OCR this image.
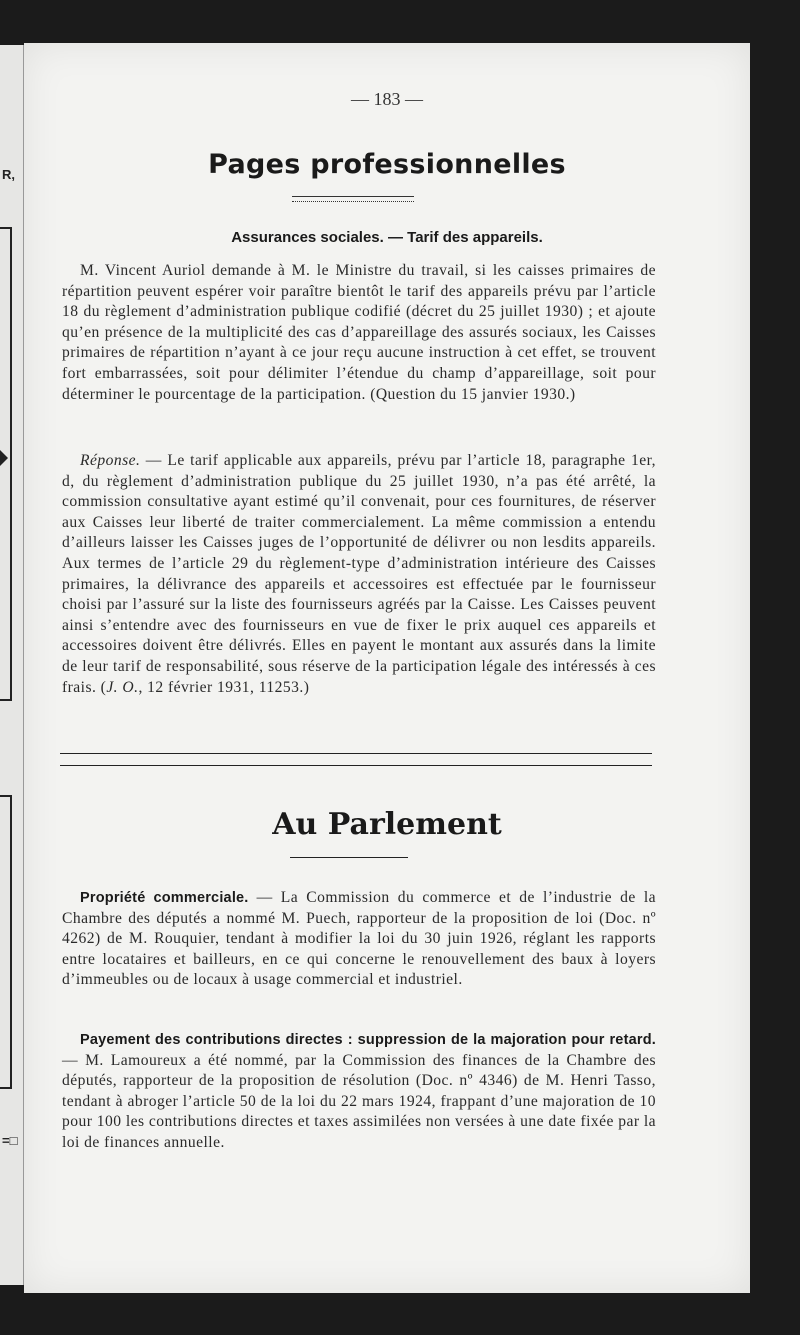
R,
=□
— 183 —
Pages professionnelles
Assurances sociales. — Tarif des appareils.

M. Vincent Auriol demande à M. le Ministre du travail, si les caisses primaires de répartition peuvent espérer voir paraître bientôt le tarif des appareils prévu par l’article 18 du règlement d’administration publique codifié (décret du 25 juillet 1930) ; et ajoute qu’en présence de la multiplicité des cas d’appareillage des assurés sociaux, les Caisses primaires de répartition n’ayant à ce jour reçu aucune instruction à cet effet, se trouvent fort embarrassées, soit pour délimiter l’étendue du champ d’appareillage, soit pour déterminer le pourcentage de la participation. (Question du 15 janvier 1930.)

Réponse. — Le tarif applicable aux appareils, prévu par l’article 18, paragraphe 1er, d, du règlement d’administration publique du 25 juillet 1930, n’a pas été arrêté, la commission consultative ayant estimé qu’il convenait, pour ces fournitures, de réserver aux Caisses leur liberté de traiter commercialement. La même commission a entendu d’ailleurs laisser les Caisses juges de l’opportunité de délivrer ou non lesdits appareils. Aux termes de l’article 29 du règlement-type d’administration intérieure des Caisses primaires, la délivrance des appareils et accessoires est effectuée par le fournisseur choisi par l’assuré sur la liste des fournisseurs agréés par la Caisse. Les Caisses peuvent ainsi s’entendre avec des fournisseurs en vue de fixer le prix auquel ces appareils et accessoires doivent être délivrés. Elles en payent le montant aux assurés dans la limite de leur tarif de responsabilité, sous réserve de la participation légale des intéressés à ces frais. (J. O., 12 février 1931, 11253.)

Au Parlement

Propriété commerciale. — La Commission du commerce et de l’industrie de la Chambre des députés a nommé M. Puech, rapporteur de la proposition de loi (Doc. nº 4262) de M. Rouquier, tendant à modifier la loi du 30 juin 1926, réglant les rapports entre locataires et bailleurs, en ce qui concerne le renouvellement des baux à loyers d’immeubles ou de locaux à usage commercial et industriel.

Payement des contributions directes : suppression de la majoration pour retard. — M. Lamoureux a été nommé, par la Commission des finances de la Chambre des députés, rapporteur de la proposition de résolution (Doc. nº 4346) de M. Henri Tasso, tendant à abroger l’article 50 de la loi du 22 mars 1924, frappant d’une majoration de 10 pour 100 les contributions directes et taxes assimilées non versées à une date fixée par la loi de finances annuelle.
